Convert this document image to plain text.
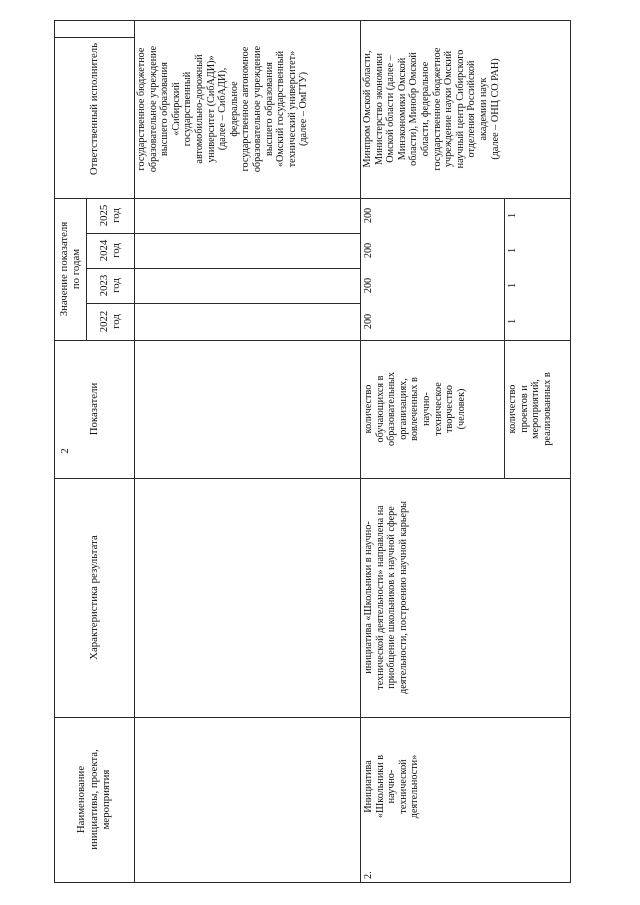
2
Наименование инициативы, проекта, мероприятия
Характеристика результата
Показатели
Значение показателя по годам
2022 год
2023 год
2024 год
2025 год
Ответственный исполнитель	государственное бюджетное образовательное учреждение высшего образования «Сибирский государственный автомобильно-дорожный университет (СибАДИ)» (далее – СибАДИ), федеральное государственное автономное образовательное учреждение высшего образования «Омский государственный технический университет» (далее – ОмГТУ)
2.
Инициатива «Школьники в научно- технической деятельности»
инициатива «Школьники в научно- технической деятельности» направлена на приобщение школьников к научной сфере деятельности, построению научной карьеры
количество обучающихся в образовательных организациях, вовлеченных в научно- техническое творчество (человек)
200
200
200
200
количество проектов и мероприятий, реализованных в
1
1
1
1
Минпром Омской области, Министерство экономики Омской области (далее – Минэкономики Омской области), Минобр Омской области, федеральное государственное бюджетное учреждение науки Омский научный центр Сибирского отделения Российской академии наук (далее – ОНЦ СО РАН)
